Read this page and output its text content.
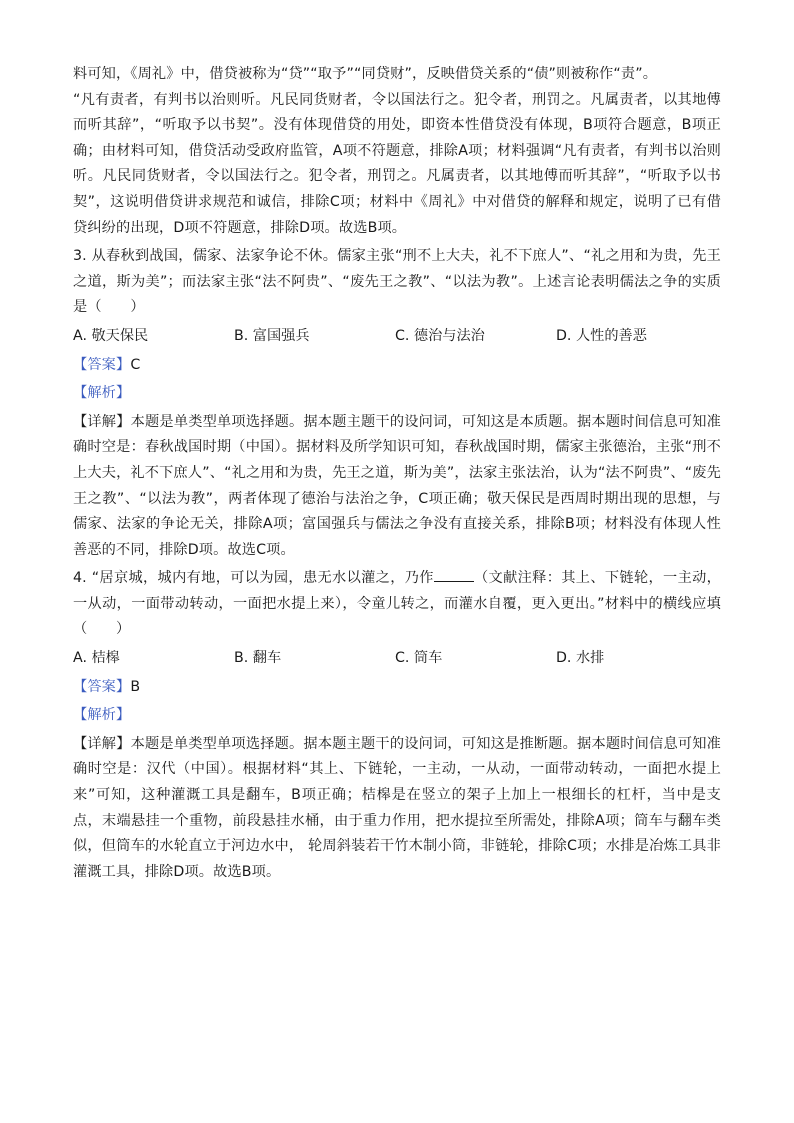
料可知，《周礼》中，借贷被称为“贷”“取予”“同贷财”，反映借贷关系的“债”则被称作“责”。

“凡有责者，有判书以治则听。凡民同货财者，令以国法行之。犯令者，刑罚之。凡属责者，以其地傅而听其辞”，“听取予以书契”。没有体现借贷的用处，即资本性借贷没有体现，B项符合题意，B项正确；由材料可知，借贷活动受政府监管，A项不符题意，排除A项；材料强调“凡有责者，有判书以治则听。凡民同货财者，令以国法行之。犯令者，刑罚之。凡属责者，以其地傅而听其辞”，“听取予以书契”，这说明借贷讲求规范和诚信，排除C项；材料中《周礼》中对借贷的解释和规定，说明了已有借贷纠纷的出现，D项不符题意，排除D项。故选B项。

3. 从春秋到战国，儒家、法家争论不休。儒家主张“刑不上大夫，礼不下庶人”、“礼之用和为贵，先王之道，斯为美”；而法家主张“法不阿贵”、“废先王之教”、“以法为教”。上述言论表明儒法之争的实质是（　　）

A. 敬天保民	B. 富国强兵	C. 德治与法治	D. 人性的善恶

【答案】C

【解析】

【详解】本题是单类型单项选择题。据本题主题干的设问词，可知这是本质题。据本题时间信息可知准确时空是：春秋战国时期（中国）。据材料及所学知识可知，春秋战国时期，儒家主张德治，主张“刑不上大夫，礼不下庶人”、“礼之用和为贵，先王之道，斯为美”，法家主张法治，认为“法不阿贵”、“废先王之教”、“以法为教”，两者体现了德治与法治之争，C项正确；敬天保民是西周时期出现的思想，与儒家、法家的争论无关，排除A项；富国强兵与儒法之争没有直接关系，排除B项；材料没有体现人性善恶的不同，排除D项。故选C项。

4. “居京城，城内有地，可以为园，患无水以灌之，乃作	（文献注释：其上、下链轮，一主动，一从动，一面带动转动，一面把水提上来），令童儿转之，而灌水自覆，更入更出。”材料中的横线应填（　　）

A. 桔槔	B. 翻车	C. 筒车	D. 水排

【答案】B

【解析】

【详解】本题是单类型单项选择题。据本题主题干的设问词，可知这是推断题。据本题时间信息可知准确时空是：汉代（中国）。根据材料“其上、下链轮，一主动，一从动，一面带动转动，一面把水提上来”可知，这种灌溉工具是翻车，B项正确；桔槔是在竖立的架子上加上一根细长的杠杆，当中是支点，末端悬挂一个重物，前段悬挂水桶，由于重力作用，把水提拉至所需处，排除A项；筒车与翻车类似，但筒车的水轮直立于河边水中， 轮周斜装若干竹木制小筒，非链轮，排除C项；水排是冶炼工具非灌溉工具，排除D项。故选B项。
